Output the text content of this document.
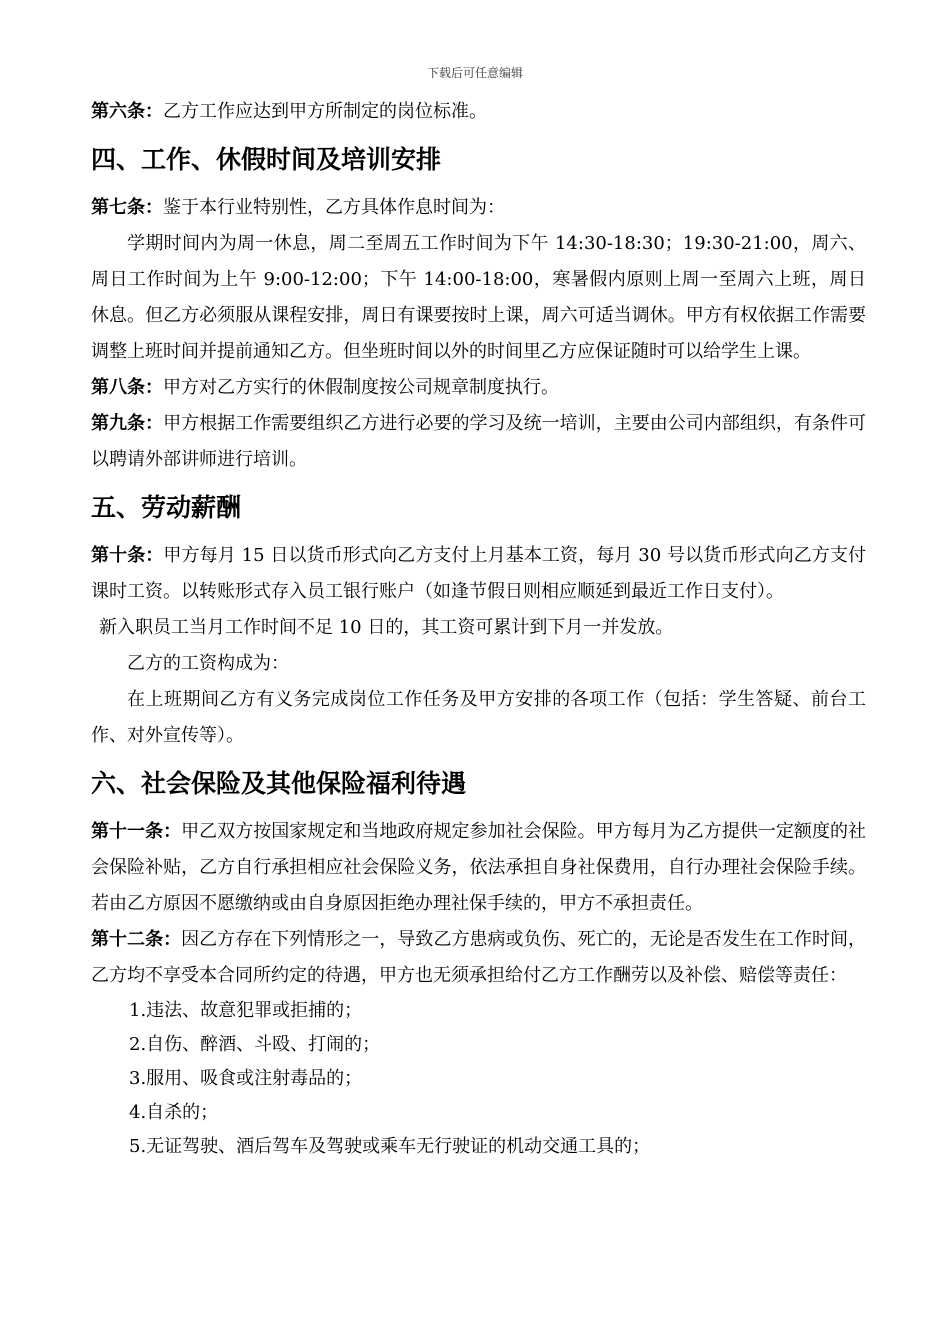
下载后可任意编辑

第六条：乙方工作应达到甲方所制定的岗位标准。

四、工作、休假时间及培训安排

第七条：鉴于本行业特别性，乙方具体作息时间为：

学期时间内为周一休息，周二至周五工作时间为下午 14:30-18:30；19:30-21:00，周六、周日工作时间为上午 9:00-12:00；下午 14:00-18:00，寒暑假内原则上周一至周六上班，周日休息。但乙方必须服从课程安排，周日有课要按时上课，周六可适当调休。甲方有权依据工作需要调整上班时间并提前通知乙方。但坐班时间以外的时间里乙方应保证随时可以给学生上课。

第八条：甲方对乙方实行的休假制度按公司规章制度执行。

第九条：甲方根据工作需要组织乙方进行必要的学习及统一培训，主要由公司内部组织，有条件可以聘请外部讲师进行培训。

五、劳动薪酬

第十条：甲方每月 15 日以货币形式向乙方支付上月基本工资，每月 30 号以货币形式向乙方支付课时工资。以转账形式存入员工银行账户（如逢节假日则相应顺延到最近工作日支付）。

新入职员工当月工作时间不足 10 日的，其工资可累计到下月一并发放。

乙方的工资构成为：

在上班期间乙方有义务完成岗位工作任务及甲方安排的各项工作（包括：学生答疑、前台工作、对外宣传等）。

六、社会保险及其他保险福利待遇

第十一条：甲乙双方按国家规定和当地政府规定参加社会保险。甲方每月为乙方提供一定额度的社会保险补贴，乙方自行承担相应社会保险义务，依法承担自身社保费用，自行办理社会保险手续。若由乙方原因不愿缴纳或由自身原因拒绝办理社保手续的，甲方不承担责任。

第十二条：因乙方存在下列情形之一，导致乙方患病或负伤、死亡的，无论是否发生在工作时间，乙方均不享受本合同所约定的待遇，甲方也无须承担给付乙方工作酬劳以及补偿、赔偿等责任：

1.违法、故意犯罪或拒捕的；

2.自伤、醉酒、斗殴、打闹的；

3.服用、吸食或注射毒品的；

4.自杀的；

5.无证驾驶、酒后驾车及驾驶或乘车无行驶证的机动交通工具的；
